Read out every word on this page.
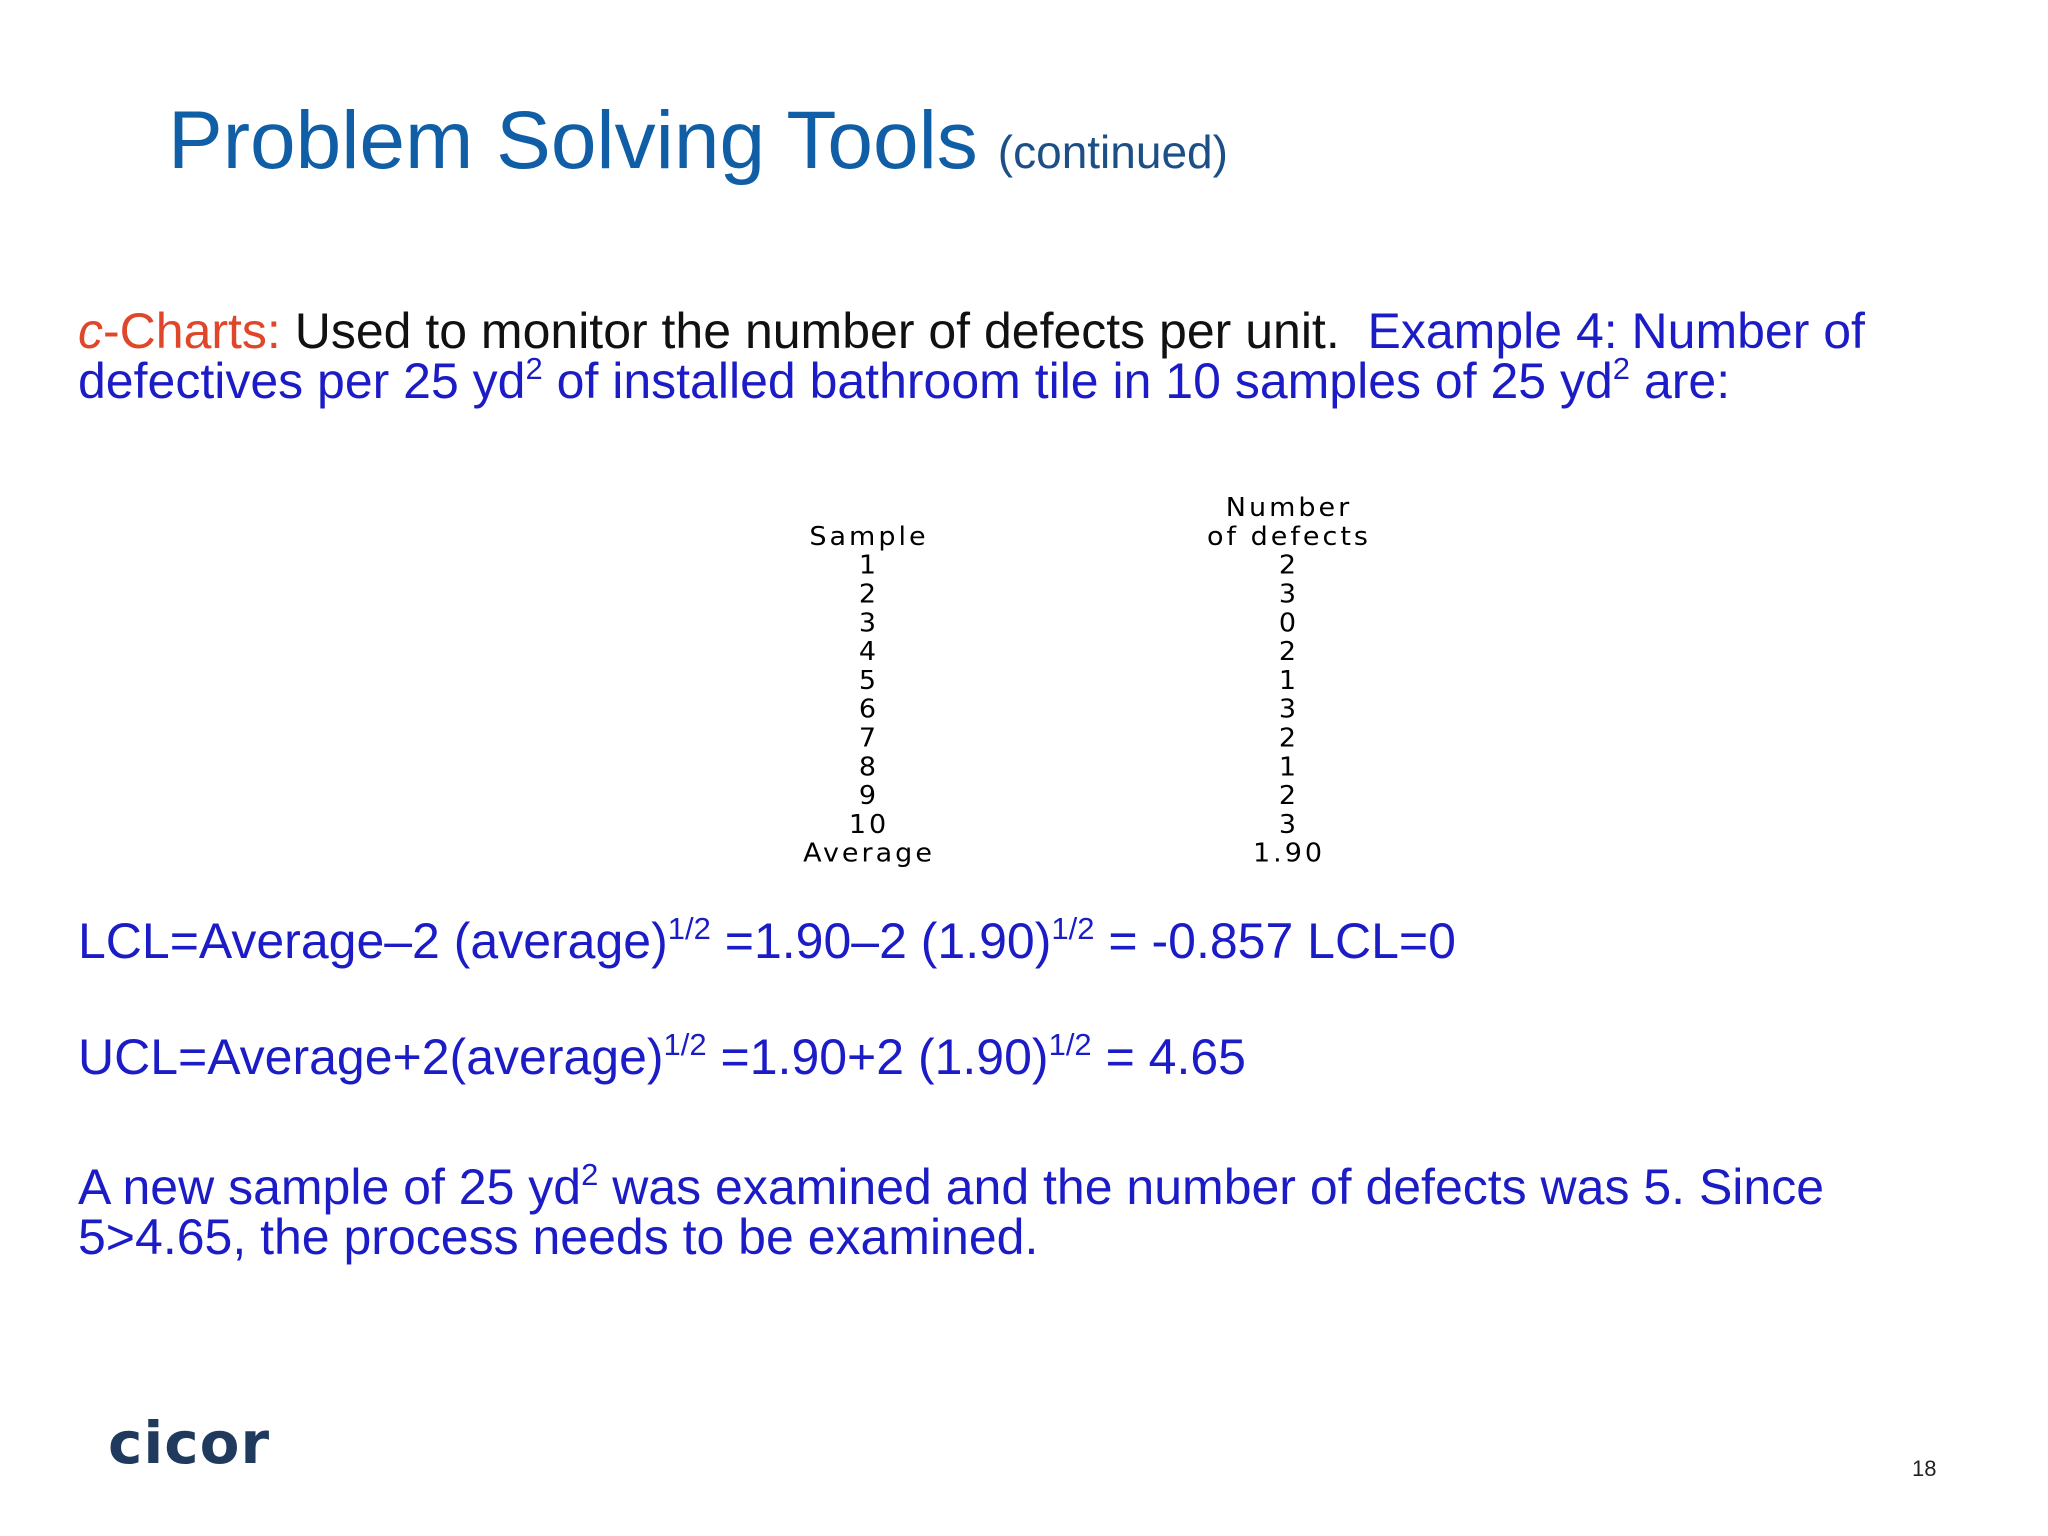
Problem Solving Tools (continued)

c-Charts: Used to monitor the number of defects per unit. Example 4: Number of
defectives per 25 $yd^2$ of installed bathroom tile in 10 samples of 25 $yd^2$ are:

Sample		Number
of defects
1		2
2		3
3		0
4		2
5		1
6		3
7		2
8		1
9		2
10		3
Average		1.90

LCL=Average–2 (average)$^{1/2}$ =1.90–2 $(1.90)^{1/2} = -0.857$ LCL=0

UCL=Average+2(average)$^{1/2}$ =1.90+2 $(1.90)^{1/2} = 4.65$

A new sample of 25 $yd^2$ was examined and the number of defects was 5. Since
5>4.65, the process needs to be examined.

cicor	18
